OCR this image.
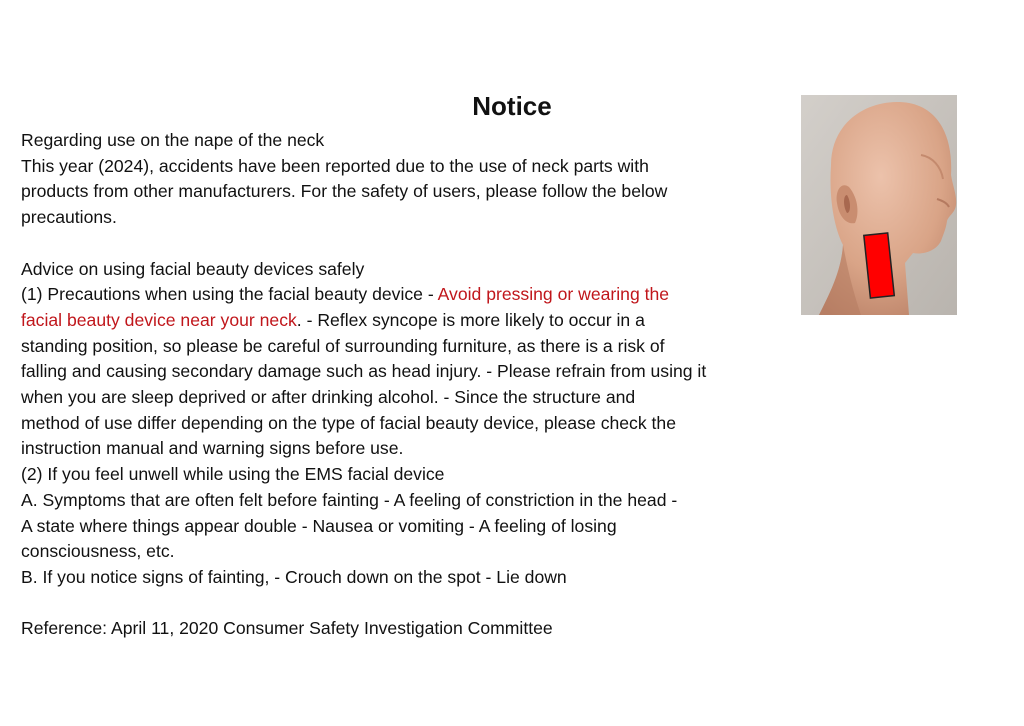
Notice
Regarding use on the nape of the neck
This year (2024), accidents have been reported due to the use of neck parts with
products from other manufacturers. For the safety of users, please follow the below
precautions.
Advice on using facial beauty devices safely
(1) Precautions when using the facial beauty device - Avoid pressing or wearing the
facial beauty device near your neck. - Reflex syncope is more likely to occur in a
standing position, so please be careful of surrounding furniture, as there is a risk of
falling and causing secondary damage such as head injury. - Please refrain from using it
when you are sleep deprived or after drinking alcohol. - Since the structure and
method of use differ depending on the type of facial beauty device, please check the
instruction manual and warning signs before use.
(2) If you feel unwell while using the EMS facial device
A. Symptoms that are often felt before fainting - A feeling of constriction in the head -
A state where things appear double - Nausea or vomiting - A feeling of losing
consciousness, etc.
B. If you notice signs of fainting, - Crouch down on the spot - Lie down
Reference: April 11, 2020 Consumer Safety Investigation Committee
